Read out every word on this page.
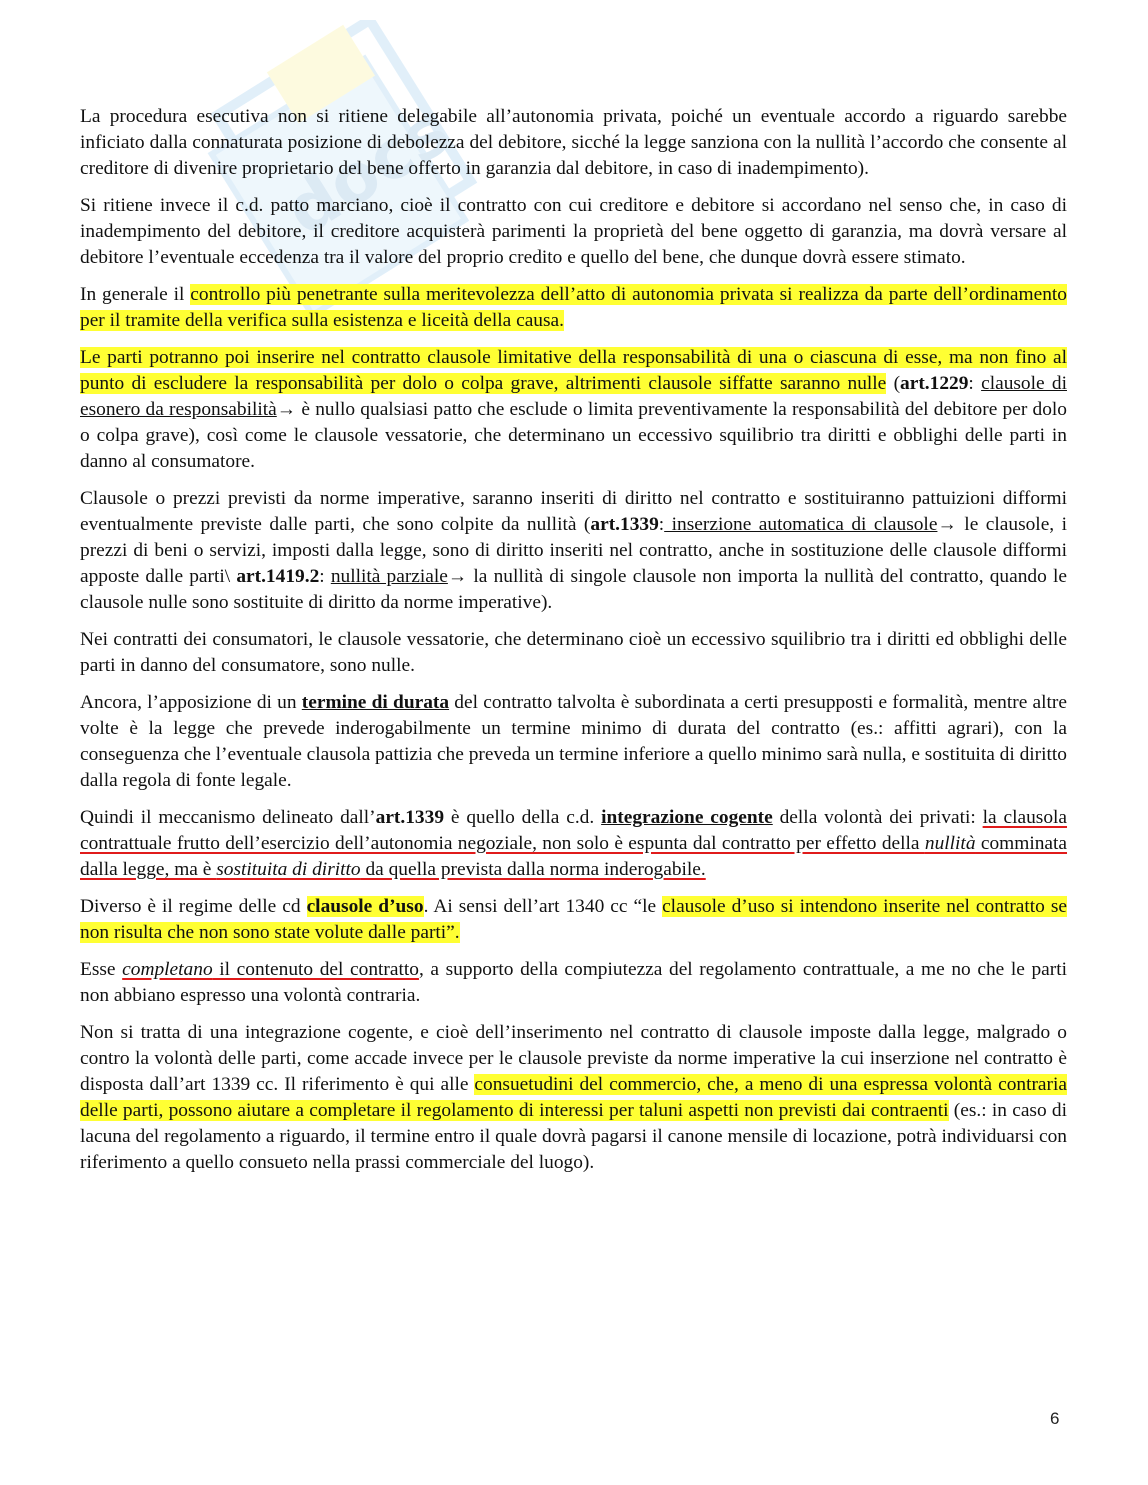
docs

La procedura esecutiva non si ritiene delegabile all’autonomia privata, poiché un eventuale accordo a riguardo sarebbe inficiato dalla connaturata posizione di debolezza del debitore, sicché la legge sanziona con la nullità l’accordo che consente al creditore di divenire proprietario del bene offerto in garanzia dal debitore, in caso di inadempimento).

Si ritiene invece il c.d. patto marciano, cioè il contratto con cui creditore e debitore si accordano nel senso che, in caso di inadempimento del debitore, il creditore acquisterà parimenti la proprietà del bene oggetto di garanzia, ma dovrà versare al debitore l’eventuale eccedenza tra il valore del proprio credito e quello del bene, che dunque dovrà essere stimato.

In generale il controllo più penetrante sulla meritevolezza dell’atto di autonomia privata si realizza da parte dell’ordinamento per il tramite della verifica sulla esistenza e liceità della causa.

Le parti potranno poi inserire nel contratto clausole limitative della responsabilità di una o ciascuna di esse, ma non fino al punto di escludere la responsabilità per dolo o colpa grave, altrimenti clausole siffatte saranno nulle (art.1229: clausole di esonero da responsabilità→ è nullo qualsiasi patto che esclude o limita preventivamente la responsabilità del debitore per dolo o colpa grave), così come le clausole vessatorie, che determinano un eccessivo squilibrio tra diritti e obblighi delle parti in danno al consumatore.

Clausole o prezzi previsti da norme imperative, saranno inseriti di diritto nel contratto e sostituiranno pattuizioni difformi eventualmente previste dalle parti, che sono colpite da nullità (art.1339: inserzione automatica di clausole→ le clausole, i prezzi di beni o servizi, imposti dalla legge, sono di diritto inseriti nel contratto, anche in sostituzione delle clausole difformi apposte dalle parti\ art.1419.2: nullità parziale→ la nullità di singole clausole non importa la nullità del contratto, quando le clausole nulle sono sostituite di diritto da norme imperative).

Nei contratti dei consumatori, le clausole vessatorie, che determinano cioè un eccessivo squilibrio tra i diritti ed obblighi delle parti in danno del consumatore, sono nulle.

Ancora, l’apposizione di un termine di durata del contratto talvolta è subordinata a certi presupposti e formalità, mentre altre volte è la legge che prevede inderogabilmente un termine minimo di durata del contratto (es.: affitti agrari), con la conseguenza che l’eventuale clausola pattizia che preveda un termine inferiore a quello minimo sarà nulla, e sostituita di diritto dalla regola di fonte legale.

Quindi il meccanismo delineato dall’art.1339 è quello della c.d. integrazione cogente della volontà dei privati: la clausola contrattuale frutto dell’esercizio dell’autonomia negoziale, non solo è espunta dal contratto per effetto della nullità comminata dalla legge, ma è sostituita di diritto da quella prevista dalla norma inderogabile.

Diverso è il regime delle cd clausole d’uso. Ai sensi dell’art 1340 cc “le clausole d’uso si intendono inserite nel contratto se non risulta che non sono state volute dalle parti”.

Esse completano il contenuto del contratto, a supporto della compiutezza del regolamento contrattuale, a me no che le parti non abbiano espresso una volontà contraria.

Non si tratta di una integrazione cogente, e cioè dell’inserimento nel contratto di clausole imposte dalla legge, malgrado o contro la volontà delle parti, come accade invece per le clausole previste da norme imperative la cui inserzione nel contratto è disposta dall’art 1339 cc. Il riferimento è qui alle consuetudini del commercio, che, a meno di una espressa volontà contraria delle parti, possono aiutare a completare il regolamento di interessi per taluni aspetti non previsti dai contraenti (es.: in caso di lacuna del regolamento a riguardo, il termine entro il quale dovrà pagarsi il canone mensile di locazione, potrà individuarsi con riferimento a quello consueto nella prassi commerciale del luogo).

6
